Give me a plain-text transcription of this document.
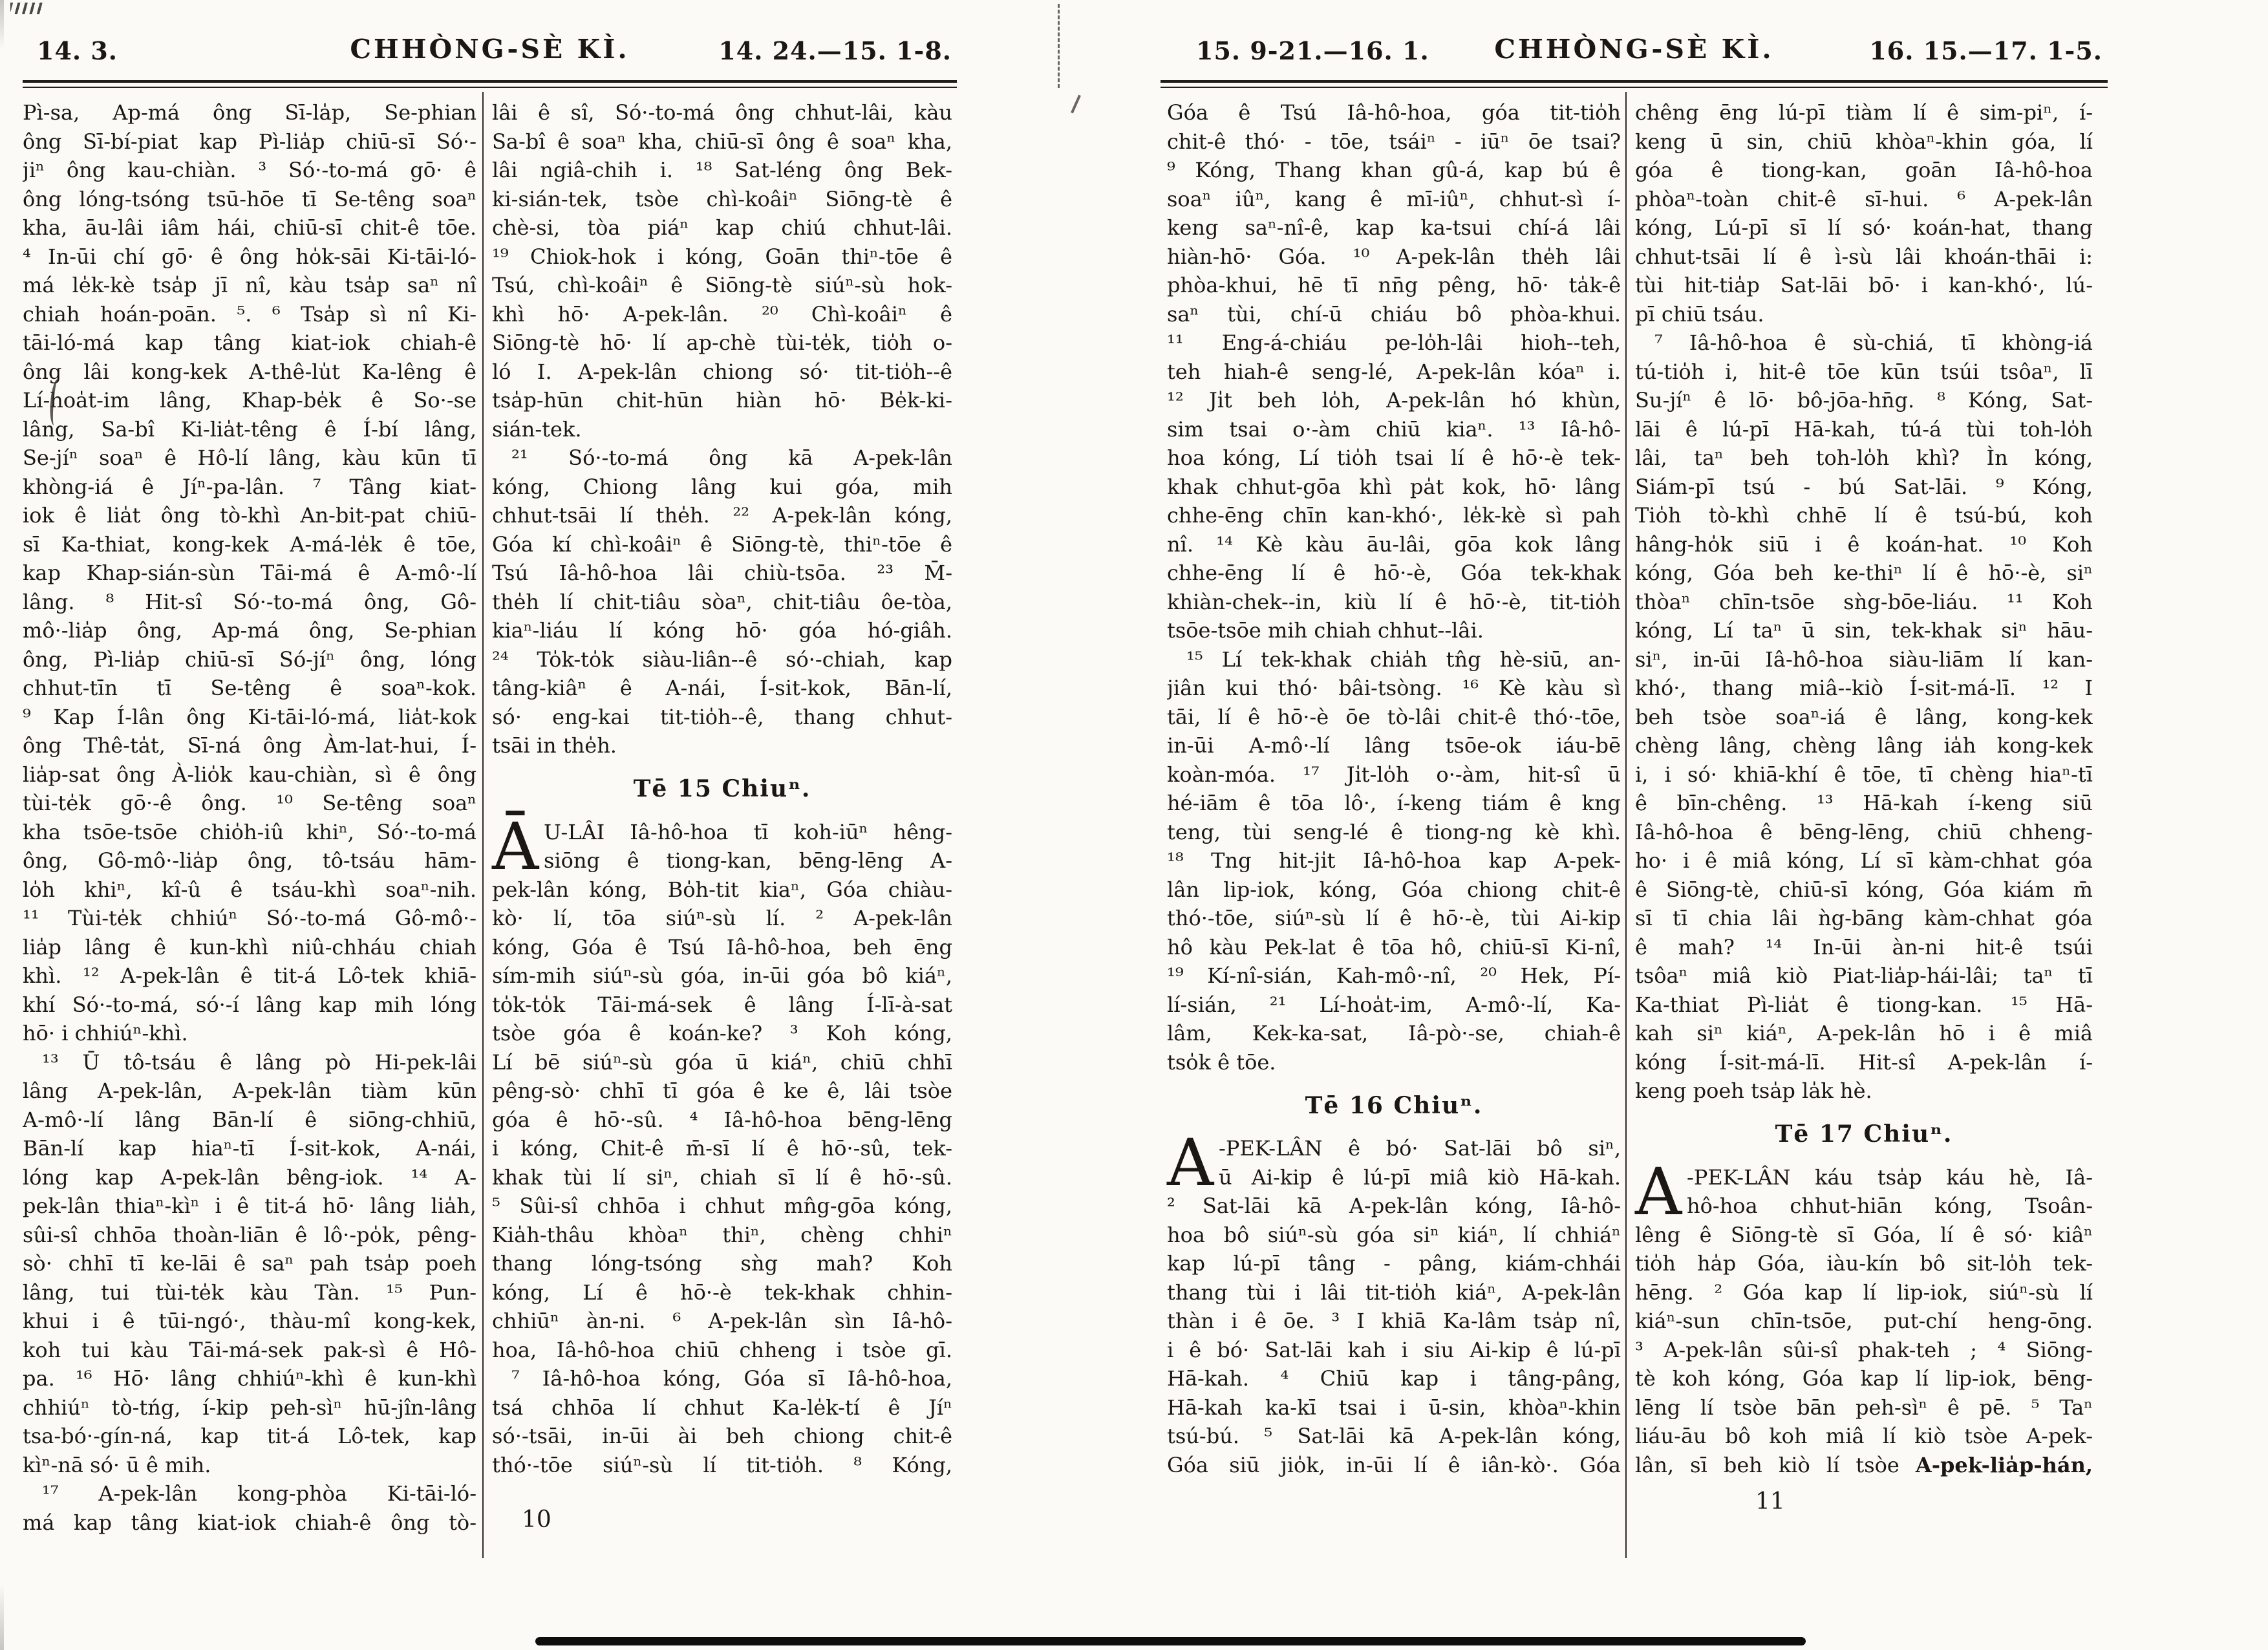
14. 3.	CHHÒNG-SÈ KÌ.	14. 24.—15. 1-8.
Pì-sa, Ap-má ông Sī-la̍p, Se-phian
ông Sī-bí-piat kap Pì-lia̍p chiū-sī Só·-
jiⁿ ông kau-chiàn. ³ Só·-to-má gō· ê
ông lóng-tsóng tsū-hōe tī Se-têng soaⁿ
kha, āu-lâi iâm hái, chiū-sī chit-ê tōe.
⁴ In-ūi chí gō· ê ông ho̍k-sāi Ki-tāi-ló-
má le̍k-kè tsa̍p jī nî, kàu tsa̍p saⁿ nî
chiah hoán-poān. ⁵. ⁶ Tsa̍p sì nî Ki-
tāi-ló-má kap tâng kiat-iok chiah-ê
ông lâi kong-kek A-thê-lu̍t Ka-lêng ê
Lí-hoa̍t-im lâng, Khap-be̍k ê So·-se
lâng, Sa-bî Ki-lia̍t-têng ê Í-bí lâng,
Se-jíⁿ soaⁿ ê Hô-lí lâng, kàu kūn tī
khòng-iá ê Jíⁿ-pa-lân. ⁷ Tâng kiat-
iok ê lia̍t ông tò-khì An-bit-pat chiū-
sī Ka-thiat, kong-kek A-má-le̍k ê tōe,
kap Khap-sián-sùn Tāi-má ê A-mô·-lí
lâng. ⁸ Hit-sî Só·-to-má ông, Gô-
mô·-lia̍p ông, Ap-má ông, Se-phian
ông, Pì-lia̍p chiū-sī Só-jíⁿ ông, lóng
chhut-tīn tī Se-têng ê soaⁿ-kok.
⁹ Kap Í-lân ông Ki-tāi-ló-má, lia̍t-kok
ông Thê-ta̍t, Sī-ná ông Àm-lat-hui, Í-
lia̍p-sat ông À-lio̍k kau-chiàn, sì ê ông
tùi-te̍k gō·-ê ông. ¹⁰ Se-têng soaⁿ
kha tsōe-tsōe chio̍h-iû khiⁿ, Só·-to-má
ông, Gô-mô·-lia̍p ông, tô-tsáu hām-
lo̍h khiⁿ, kî-û ê tsáu-khì soaⁿ-nih.
¹¹ Tùi-te̍k chhiúⁿ Só·-to-má Gô-mô·-
lia̍p lâng ê kun-khì niû-chháu chiah
khì. ¹² A-pek-lân ê tit-á Lô-tek khiā-
khí Só·-to-má, só·-í lâng kap mih lóng
hō· i chhiúⁿ-khì.
¹³ Ū tô-tsáu ê lâng pò Hi-pek-lâi
lâng A-pek-lân, A-pek-lân tiàm kūn
A-mô·-lí lâng Bān-lí ê siōng-chhiū,
Bān-lí kap hiaⁿ-tī Í-sit-kok, A-nái,
lóng kap A-pek-lân bêng-iok. ¹⁴ A-
pek-lân thiaⁿ-kìⁿ i ê tit-á hō· lâng lia̍h,
sûi-sî chhōa thoàn-liān ê lô·-po̍k, pêng-
sò· chhī tī ke-lāi ê saⁿ pah tsa̍p poeh
lâng, tui tùi-te̍k kàu Tàn. ¹⁵ Pun-
khui i ê tūi-ngó·, thàu-mî kong-kek,
koh tui kàu Tāi-má-sek pak-sì ê Hô-
pa. ¹⁶ Hō· lâng chhiúⁿ-khì ê kun-khì
chhiúⁿ tò-tńg, í-kip peh-sìⁿ hū-jîn-lâng
tsa-bó·-gín-ná, kap tit-á Lô-tek, kap
kìⁿ-nā só· ū ê mih.
¹⁷ A-pek-lân kong-phòa Ki-tāi-ló-
má kap tâng kiat-iok chiah-ê ông tò-
lâi ê sî, Só·-to-má ông chhut-lâi, kàu
Sa-bî ê soaⁿ kha, chiū-sī ông ê soaⁿ kha,
lâi ngiâ-chih i. ¹⁸ Sat-léng ông Bek-
ki-sián-tek, tsòe chì-koâiⁿ Siōng-tè ê
chè-si, tòa piáⁿ kap chiú chhut-lâi.
¹⁹ Chiok-hok i kóng, Goān thiⁿ-tōe ê
Tsú, chì-koâiⁿ ê Siōng-tè siúⁿ-sù hok-
khì hō· A-pek-lân. ²⁰ Chì-koâiⁿ ê
Siōng-tè hō· lí ap-chè tùi-te̍k, tio̍h o-
ló I. A-pek-lân chiong só· tit-tio̍h--ê
tsa̍p-hūn chit-hūn hiàn hō· Be̍k-ki-
sián-tek.
²¹ Só·-to-má ông kā A-pek-lân
kóng, Chiong lâng kui góa, mih
chhut-tsāi lí the̍h. ²² A-pek-lân kóng,
Góa kí chì-koâiⁿ ê Siōng-tè, thiⁿ-tōe ê
Tsú Iâ-hô-hoa lâi chiù-tsōa. ²³ M̄-
the̍h lí chit-tiâu sòaⁿ, chit-tiâu ôe-tòa,
kiaⁿ-liáu lí kóng hō· góa hó-giâh.
²⁴ To̍k-to̍k siàu-liân--ê só·-chiah, kap
tâng-kiâⁿ ê A-nái, Í-sit-kok, Bān-lí,
só· eng-kai tit-tio̍h--ê, thang chhut-
tsāi in the̍h.
Tē 15 Chiuⁿ.
Ā U-LÂI Iâ-hô-hoa tī koh-iūⁿ hêng-
siōng ê tiong-kan, bēng-lēng A-
pek-lân kóng, Bo̍h-tit kiaⁿ, Góa chiàu-
kò· lí, tōa siúⁿ-sù lí. ² A-pek-lân
kóng, Góa ê Tsú Iâ-hô-hoa, beh ēng
sím-mih siúⁿ-sù góa, in-ūi góa bô kiáⁿ,
to̍k-to̍k Tāi-má-sek ê lâng Í-lī-à-sat
tsòe góa ê koán-ke? ³ Koh kóng,
Lí bē siúⁿ-sù góa ū kiáⁿ, chiū chhī
pêng-sò· chhī tī góa ê ke ê, lâi tsòe
góa ê hō·-sû. ⁴ Iâ-hô-hoa bēng-lēng
i kóng, Chit-ê m̄-sī lí ê hō·-sû, tek-
khak tùi lí siⁿ, chiah sī lí ê hō·-sû.
⁵ Sûi-sî chhōa i chhut mn̂g-gōa kóng,
Kia̍h-thâu khòaⁿ thiⁿ, chèng chhiⁿ
thang lóng-tsóng sǹg mah? Koh
kóng, Lí ê hō·-è tek-khak chhin-
chhiūⁿ àn-ni. ⁶ A-pek-lân sìn Iâ-hô-
hoa, Iâ-hô-hoa chiū chheng i tsòe gī.
⁷ Iâ-hô-hoa kóng, Góa sī Iâ-hô-hoa,
tsá chhōa lí chhut Ka-le̍k-tí ê Jíⁿ
só·-tsāi, in-ūi ài beh chiong chit-ê
thó·-tōe siúⁿ-sù lí tit-tio̍h. ⁸ Kóng,
10
15. 9-21.—16. 1. CHHÒNG-SÈ KÌ.	16. 15.—17. 1-5.
Góa ê Tsú Iâ-hô-hoa, góa tit-tio̍h
chit-ê thó· - tōe, tsáiⁿ - iūⁿ ōe tsai?
⁹ Kóng, Thang khan gû-á, kap bú ê
soaⁿ iûⁿ, kang ê mī-iûⁿ, chhut-sì í-
keng saⁿ-nî-ê, kap ka-tsui chí-á lâi
hiàn-hō· Góa. ¹⁰ A-pek-lân the̍h lâi
phòa-khui, hē tī nn̄g pêng, hō· ta̍k-ê
saⁿ tùi, chí-ū chiáu bô phòa-khui.
¹¹ Eng-á-chiáu pe-lo̍h-lâi hioh--teh,
teh hiah-ê seng-lé, A-pek-lân kóaⁿ i.
¹² Ji̍t beh lo̍h, A-pek-lân hó khùn,
sim tsai o·-àm chiū kiaⁿ. ¹³ Iâ-hô-
hoa kóng, Lí tio̍h tsai lí ê hō·-è tek-
khak chhut-gōa khì pa̍t kok, hō· lâng
chhe-ēng chīn kan-khó·, le̍k-kè sì pah
nî. ¹⁴ Kè kàu āu-lâi, gōa kok lâng
chhe-ēng lí ê hō·-è, Góa tek-khak
khiàn-chek--in, kiù lí ê hō·-è, tit-tio̍h
tsōe-tsōe mih chiah chhut--lâi.
¹⁵ Lí tek-khak chia̍h tn̂g hè-siū, an-
jiân kui thó· bâi-tsòng. ¹⁶ Kè kàu sì
tāi, lí ê hō·-è ōe tò-lâi chit-ê thó·-tōe,
in-ūi A-mô·-lí lâng tsōe-ok iáu-bē
koàn-móa. ¹⁷ Ji̍t-lo̍h o·-àm, hit-sî ū
hé-iām ê tōa lô·, í-keng tiám ê kng
teng, tùi seng-lé ê tiong-ng kè khì.
¹⁸ Tng hit-ji̍t Iâ-hô-hoa kap A-pek-
lân lip-iok, kóng, Góa chiong chit-ê
thó·-tōe, siúⁿ-sù lí ê hō·-è, tùi Ai-kip
hô kàu Pek-lat ê tōa hô, chiū-sī Ki-nî,
¹⁹ Kí-nî-sián, Kah-mô·-nî, ²⁰ Hek, Pí-
lí-sián, ²¹ Lí-hoa̍t-im, A-mô·-lí, Ka-
lâm, Kek-ka-sat, Iâ-pò·-se, chiah-ê
tso̍k ê tōe.
Tē 16 Chiuⁿ.
A -PEK-LÂN ê bó· Sat-lāi bô siⁿ,
ū Ai-kip ê lú-pī miâ kiò Hā-kah.
² Sat-lāi kā A-pek-lân kóng, Iâ-hô-
hoa bô siúⁿ-sù góa siⁿ kiáⁿ, lí chhiáⁿ
kap lú-pī tâng - pâng, kiám-chhái
thang tùi i lâi tit-tio̍h kiáⁿ, A-pek-lân
thàn i ê ōe. ³ I khiā Ka-lâm tsa̍p nî,
i ê bó· Sat-lāi kah i siu Ai-kip ê lú-pī
Hā-kah. ⁴ Chiū kap i tâng-pâng,
Hā-kah ka-kī tsai i ū-sin, khòaⁿ-khin
tsú-bú. ⁵ Sat-lāi kā A-pek-lân kóng,
Góa siū jio̍k, in-ūi lí ê iân-kò·. Góa
chêng ēng lú-pī tiàm lí ê sim-piⁿ, í-
keng ū sin, chiū khòaⁿ-khin góa, lí
góa ê tiong-kan, goān Iâ-hô-hoa
phòaⁿ-toàn chit-ê sī-hui. ⁶ A-pek-lân
kóng, Lú-pī sī lí só· koán-hat, thang
chhut-tsāi lí ê ì-sù lâi khoán-thāi i:
tùi hit-tia̍p Sat-lāi bō· i kan-khó·, lú-
pī chiū tsáu.
⁷ Iâ-hô-hoa ê sù-chiá, tī khòng-iá
tú-tio̍h i, hit-ê tōe kūn tsúi tsôaⁿ, lī
Su-jíⁿ ê lō· bô-jōa-hn̄g. ⁸ Kóng, Sat-
lāi ê lú-pī Hā-kah, tú-á tùi toh-lo̍h
lâi, taⁿ beh toh-lo̍h khì? Ìn kóng,
Siám-pī tsú - bú Sat-lāi. ⁹ Kóng,
Tio̍h tò-khì chhē lí ê tsú-bú, koh
hâng-ho̍k siū i ê koán-hat. ¹⁰ Koh
kóng, Góa beh ke-thiⁿ lí ê hō·-è, siⁿ
thòaⁿ chīn-tsōe sǹg-bōe-liáu. ¹¹ Koh
kóng, Lí taⁿ ū sin, tek-khak siⁿ hāu-
siⁿ, in-ūi Iâ-hô-hoa siàu-liām lí kan-
khó·, thang miâ--kiò Í-sit-má-lī. ¹² I
beh tsòe soaⁿ-iá ê lâng, kong-kek
chèng lâng, chèng lâng ia̍h kong-kek
i, i só· khiā-khí ê tōe, tī chèng hiaⁿ-tī
ê bīn-chêng. ¹³ Hā-kah í-keng siū
Iâ-hô-hoa ê bēng-lēng, chiū chheng-
ho· i ê miâ kóng, Lí sī kàm-chhat góa
ê Siōng-tè, chiū-sī kóng, Góa kiám m̄
sī tī chia lâi ǹg-bāng kàm-chhat góa
ê mah? ¹⁴ In-ūi àn-ni hit-ê tsúi
tsôaⁿ miâ kiò Piat-lia̍p-hái-lâi; taⁿ tī
Ka-thiat Pì-lia̍t ê tiong-kan. ¹⁵ Hā-
kah siⁿ kiáⁿ, A-pek-lân hō i ê miâ
kóng Í-sit-má-lī. Hit-sî A-pek-lân í-
keng poeh tsa̍p la̍k hè.
Tē 17 Chiuⁿ.
A -PEK-LÂN káu tsa̍p káu hè, Iâ-
hô-hoa chhut-hiān kóng, Tsoân-
lêng ê Siōng-tè sī Góa, lí ê só· kiâⁿ
tio̍h ha̍p Góa, iàu-kín bô sit-lo̍h tek-
hēng. ² Góa kap lí lip-iok, siúⁿ-sù lí
kiáⁿ-sun chīn-tsōe, put-chí heng-ōng.
³ A-pek-lân sûi-sî phak-teh ; ⁴ Siōng-
tè koh kóng, Góa kap lí lip-iok, bēng-
lēng lí tsòe bān peh-sìⁿ ê pē. ⁵ Taⁿ
liáu-āu bô koh miâ lí kiò tsòe A-pek-
lân, sī beh kiò lí tsòe A-pek-lia̍p-hán,
11
